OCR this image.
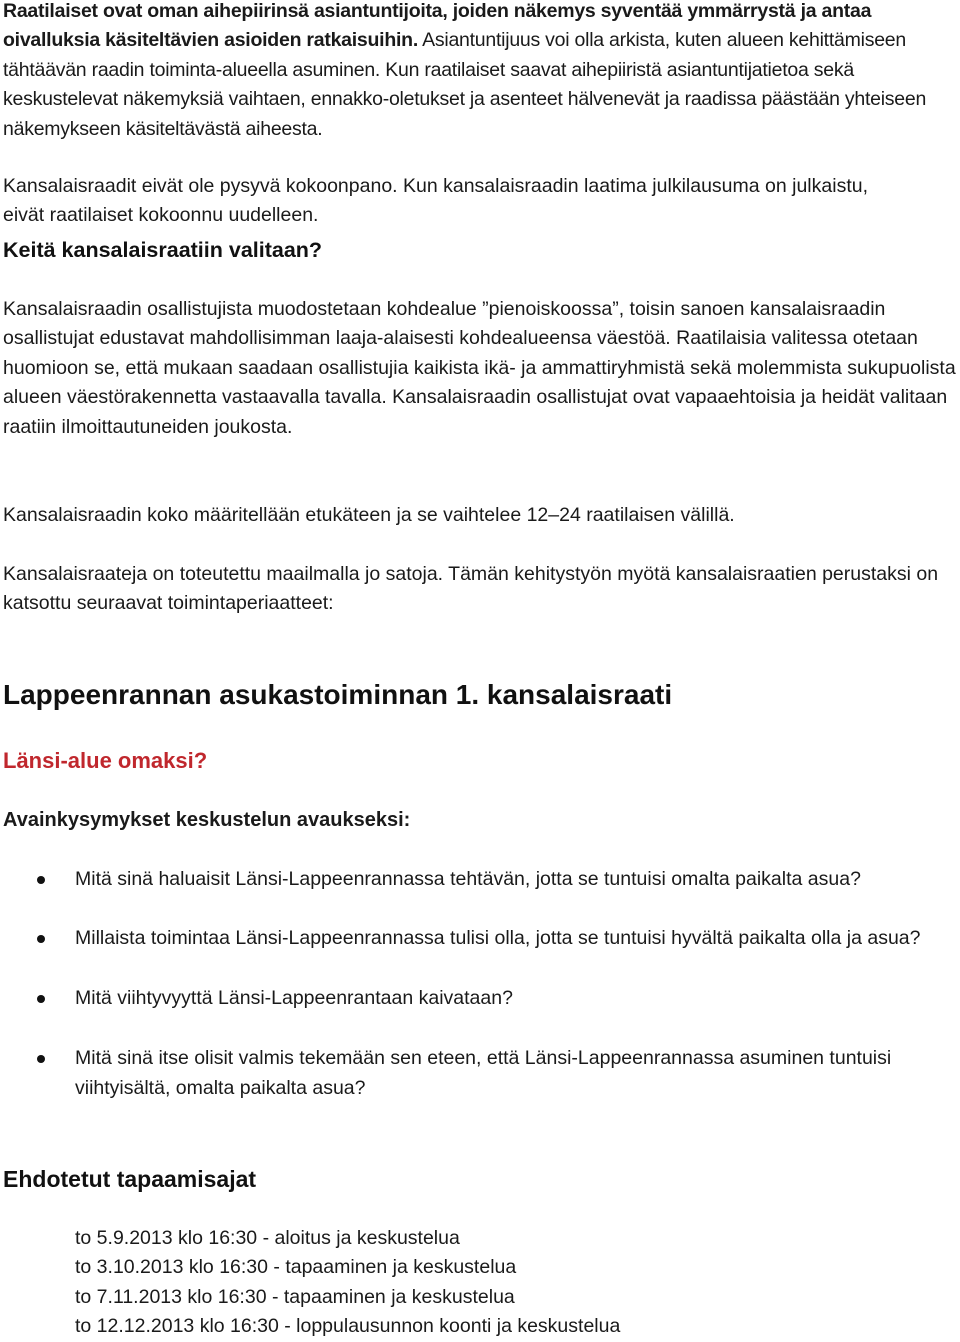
Raatilaiset ovat oman aihepiirinsä asiantuntijoita, joiden näkemys syventää ymmärrystä ja antaa oivalluksia käsiteltävien asioiden ratkaisuihin. Asiantuntijuus voi olla arkista, kuten alueen kehittämiseen tähtäävän raadin toiminta-alueella asuminen. Kun raatilaiset saavat aihepiiristä asiantuntijatietoa sekä keskustelevat näkemyksiä vaihtaen, ennakko-oletukset ja asenteet hälvenevät ja raadissa päästään yhteiseen näkemykseen käsiteltävästä aiheesta.

Kansalaisraadit eivät ole pysyvä kokoonpano. Kun kansalaisraadin laatima julkilausuma on julkaistu, eivät raatilaiset kokoonnu uudelleen.

Keitä kansalaisraatiin valitaan?

Kansalaisraadin osallistujista muodostetaan kohdealue ”pienoiskoossa”, toisin sanoen kansalaisraadin osallistujat edustavat mahdollisimman laaja-alaisesti kohdealueensa väestöä. Raatilaisia valitessa otetaan huomioon se, että mukaan saadaan osallistujia kaikista ikä- ja ammattiryhmistä sekä molemmista sukupuolista alueen väestörakennetta vastaavalla tavalla. Kansalaisraadin osallistujat ovat vapaaehtoisia ja heidät valitaan raatiin ilmoittautuneiden joukosta.

Kansalaisraadin koko määritellään etukäteen ja se vaihtelee 12–24 raatilaisen välillä.

Kansalaisraateja on toteutettu maailmalla jo satoja. Tämän kehitystyön myötä kansalaisraatien perustaksi on katsottu seuraavat toimintaperiaatteet:

Lappeenrannan asukastoiminnan 1. kansalaisraati

Länsi-alue omaksi?

Avainkysymykset keskustelun avaukseksi:

Mitä sinä haluaisit Länsi-Lappeenrannassa tehtävän, jotta se tuntuisi omalta paikalta asua?
Millaista toimintaa Länsi-Lappeenrannassa tulisi olla, jotta se tuntuisi hyvältä paikalta olla ja asua?
Mitä viihtyvyyttä Länsi-Lappeenrantaan kaivataan?
Mitä sinä itse olisit valmis tekemään sen eteen, että Länsi-Lappeenrannassa asuminen tuntuisi viihtyisältä, omalta paikalta asua?

Ehdotetut tapaamisajat

to 5.9.2013 klo 16:30 - aloitus ja keskustelua
to 3.10.2013 klo 16:30 - tapaaminen ja keskustelua
to 7.11.2013 klo 16:30 - tapaaminen ja keskustelua
to 12.12.2013 klo 16:30 - loppulausunnon koonti ja keskustelua
